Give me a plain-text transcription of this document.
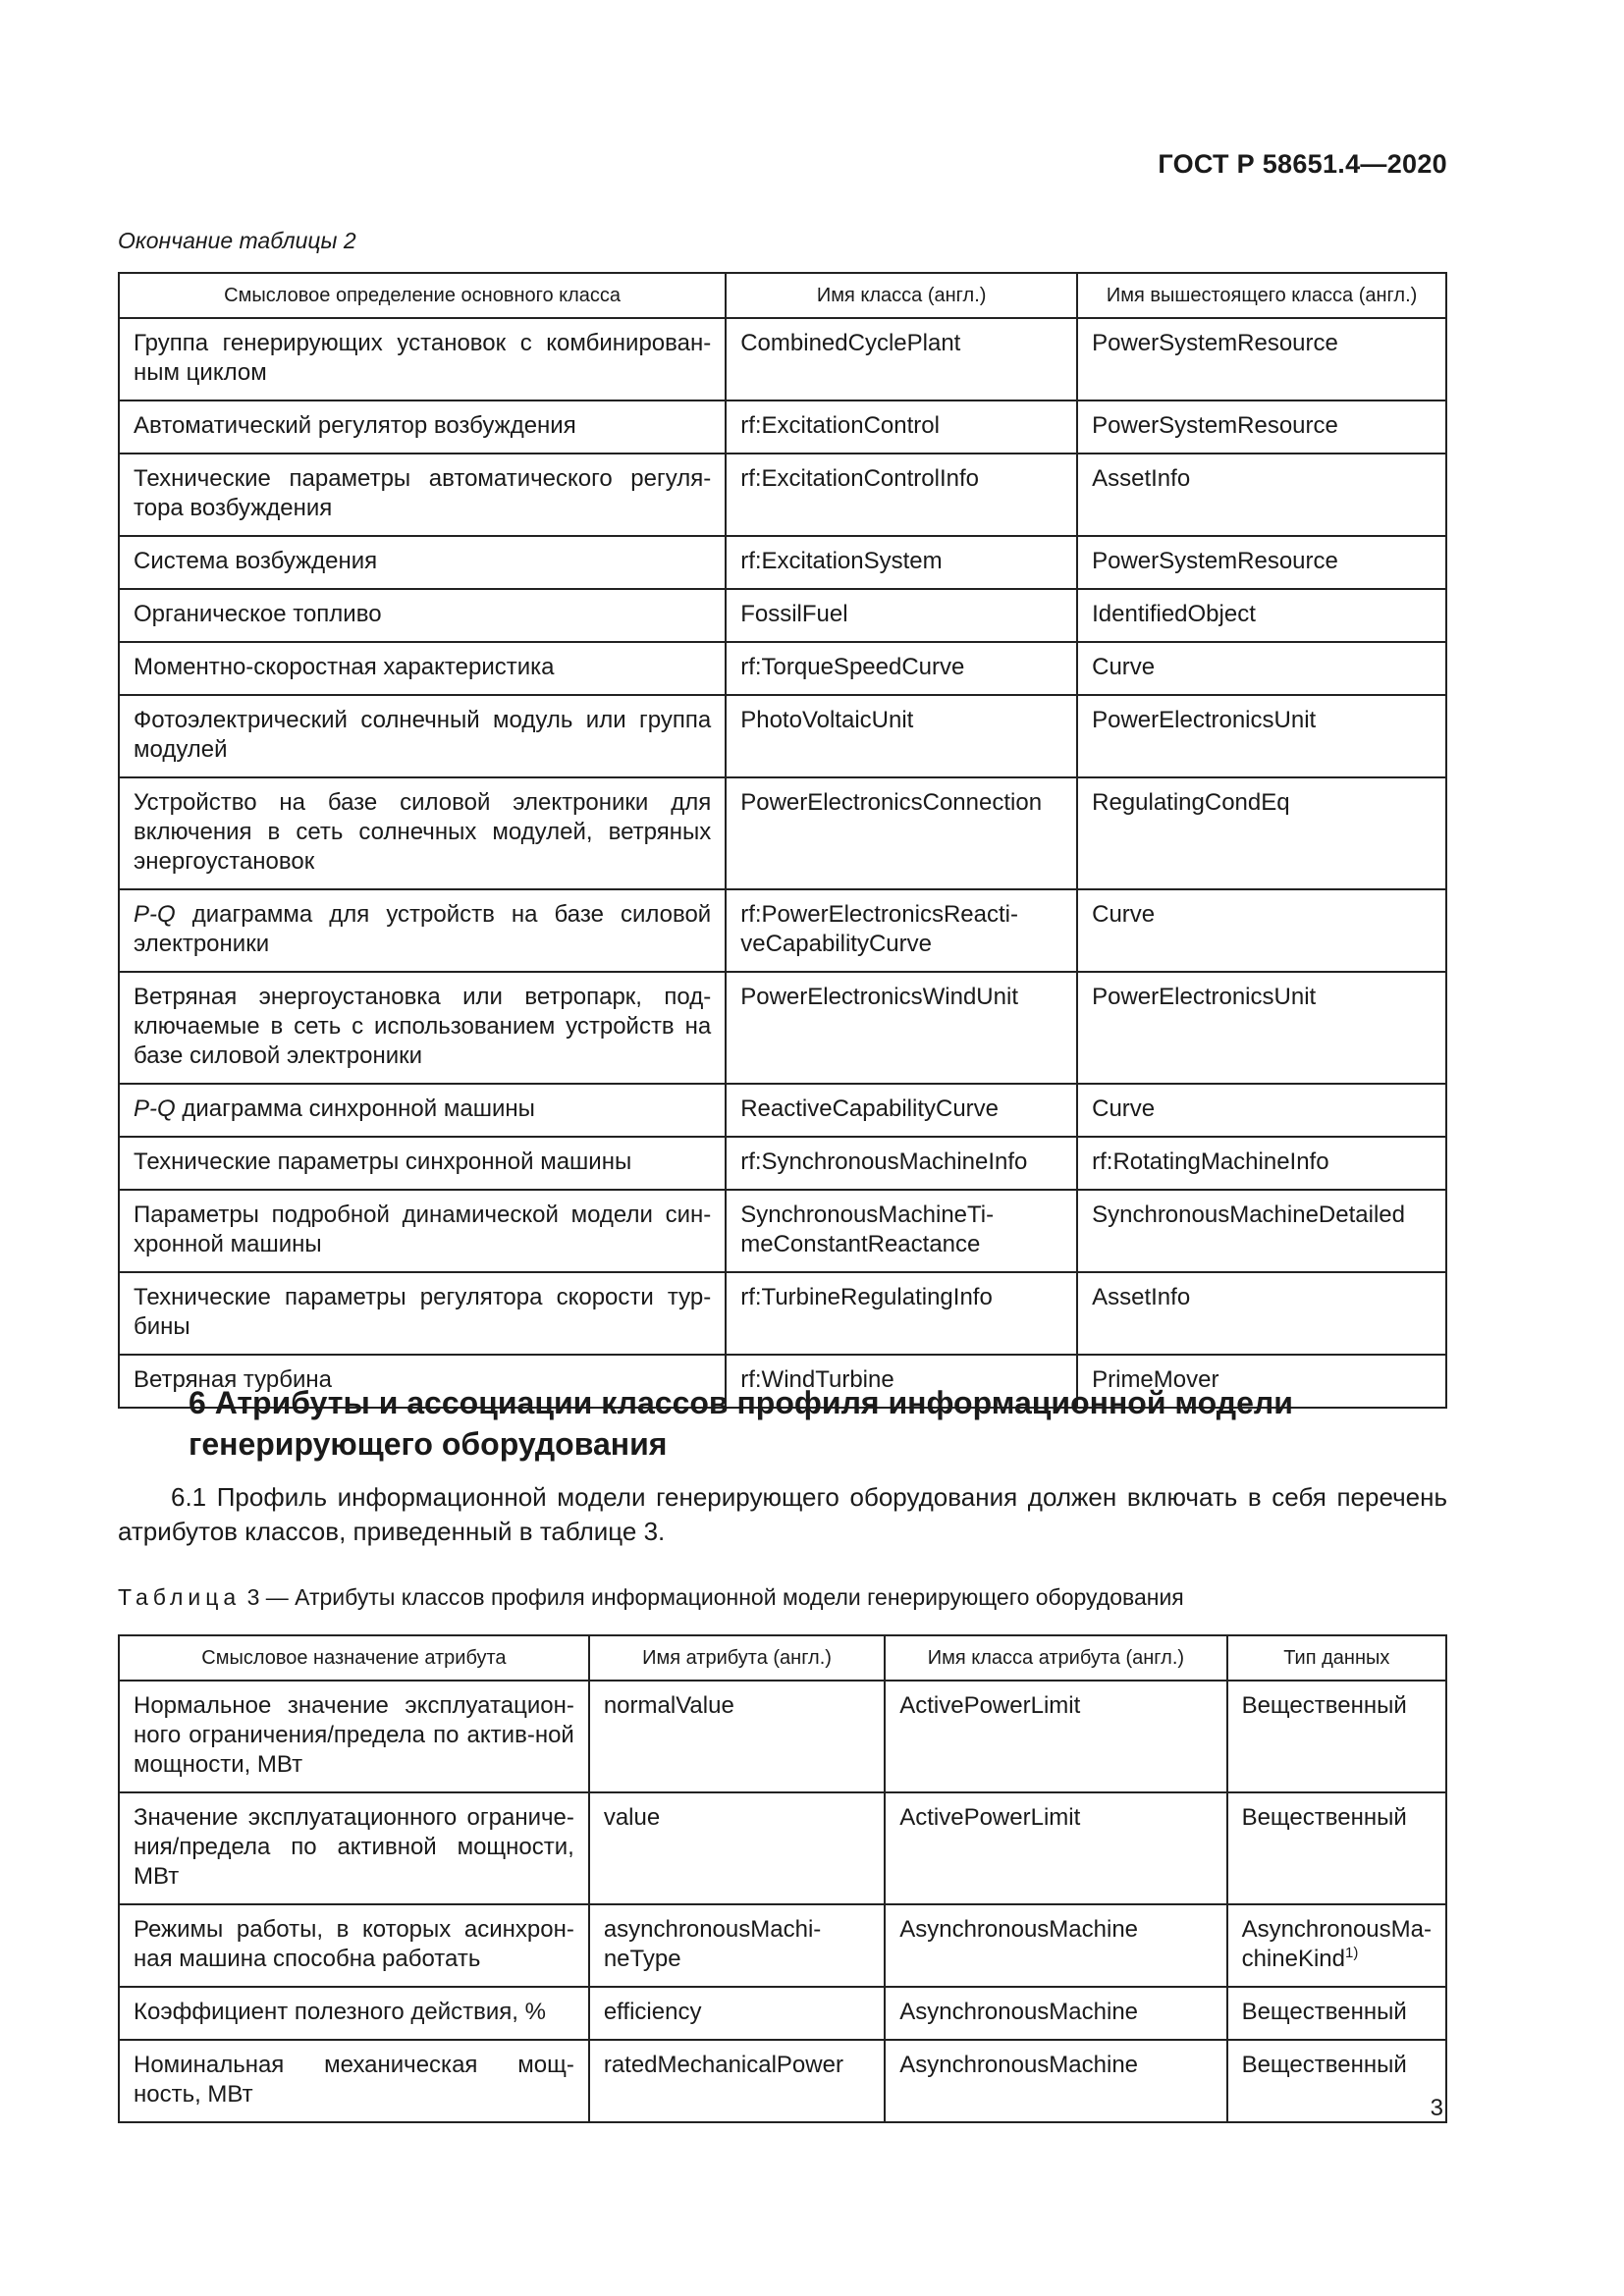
ГОСТ Р 58651.4—2020
Окончание таблицы 2
Смысловое определение основного класса	Имя класса (англ.)	Имя вышестоящего класса (англ.)
Группа генерирующих установок с комбинирован-ным циклом	CombinedCyclePlant	PowerSystemResource
Автоматический регулятор возбуждения	rf:ExcitationControl	PowerSystemResource
Технические параметры автоматического регуля-тора возбуждения	rf:ExcitationControlInfo	AssetInfo
Система возбуждения	rf:ExcitationSystem	PowerSystemResource
Органическое топливо	FossilFuel	IdentifiedObject
Моментно-скоростная характеристика	rf:TorqueSpeedCurve	Curve
Фотоэлектрический солнечный модуль или группа модулей	PhotoVoltaicUnit	PowerElectronicsUnit
Устройство на базе силовой электроники для включения в сеть солнечных модулей, ветряных энергоустановок	PowerElectronicsConnection	RegulatingCondEq
P-Q диаграмма для устройств на базе силовой электроники	rf:PowerElectronicsReacti-veCapabilityCurve	Curve
Ветряная энергоустановка или ветропарк, под-ключаемые в сеть с использованием устройств на базе силовой электроники	PowerElectronicsWindUnit	PowerElectronicsUnit
P-Q диаграмма синхронной машины	ReactiveCapabilityCurve	Curve
Технические параметры синхронной машины	rf:SynchronousMachineInfo	rf:RotatingMachineInfo
Параметры подробной динамической модели син-хронной машины	SynchronousMachineTi-meConstantReactance	SynchronousMachineDetailed
Технические параметры регулятора скорости тур-бины	rf:TurbineRegulatingInfo	AssetInfo
Ветряная турбина	rf:WindTurbine	PrimeMover
6 Атрибуты и ассоциации классов профиля информационной модели генерирующего оборудования
6.1 Профиль информационной модели генерирующего оборудования должен включать в себя перечень атрибутов классов, приведенный в таблице 3.
Таблица 3 — Атрибуты классов профиля информационной модели генерирующего оборудования
Смысловое назначение атрибута	Имя атрибута (англ.)	Имя класса атрибута (англ.)	Тип данных
Нормальное значение эксплуатацион-ного ограничения/предела по актив-ной мощности, МВт	normalValue	ActivePowerLimit	Вещественный
Значение эксплуатационного ограниче-ния/предела по активной мощности, МВт	value	ActivePowerLimit	Вещественный
Режимы работы, в которых асинхрон-ная машина способна работать	asynchronousMachi-neType	AsynchronousMachine	AsynchronousMa-chineKind$^{1)}$
Коэффициент полезного действия, %	efficiency	AsynchronousMachine	Вещественный
Номинальная механическая мощ-ность, МВт	ratedMechanicalPower	AsynchronousMachine	Вещественный
3
